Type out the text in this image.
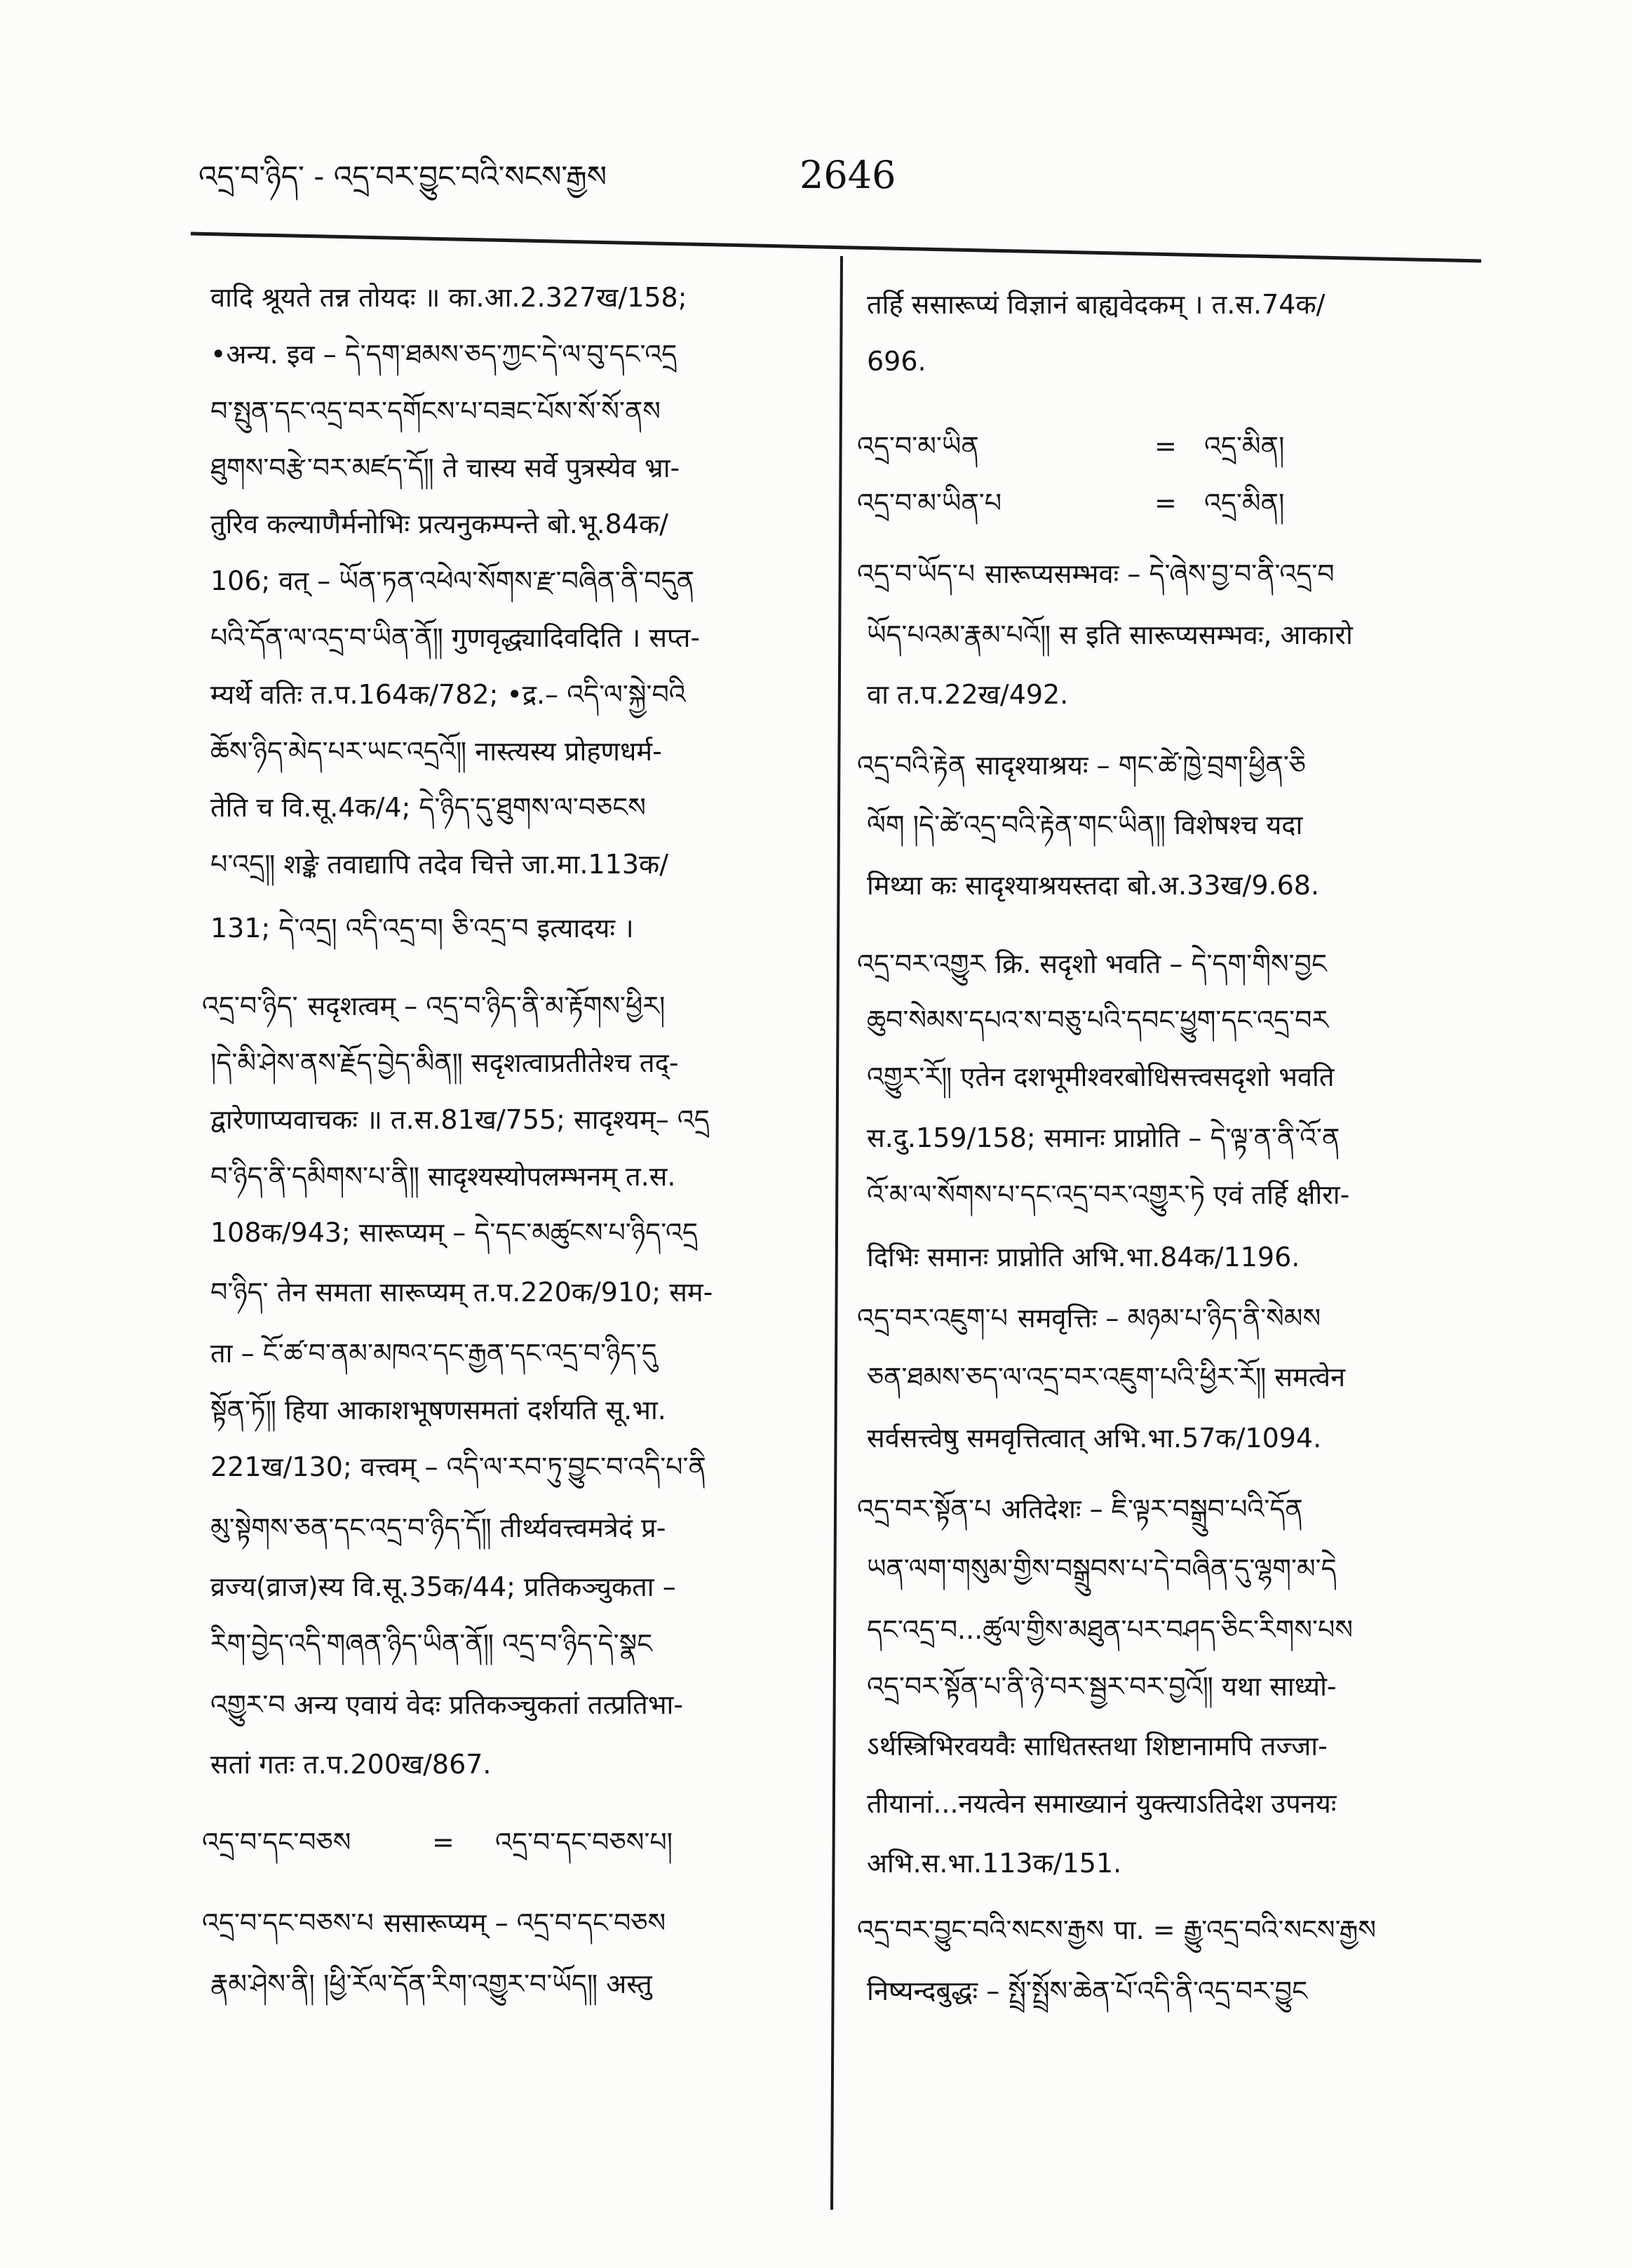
འདྲ་བ་ཉིད་ - འདྲ་བར་བྱུང་བའི་སངས་རྒྱས	2646
वादि श्रूयते तन्न तोयदः ॥ का.आ.2.327ख/158;
•अन्य. इव – དེ་དག་ཐམས་ཅད་ཀྱང་དེ་ལ་བུ་དང་འདྲ
བ་སྤུན་དང་འདྲ་བར་དགོངས་པ་བཟང་པོས་སོ་སོ་ནས
ཐུགས་བརྩེ་བར་མཛད་དོ༎ ते चास्य सर्वे पुत्रस्येव भ्रा-
तुरिव कल्याणैर्मनोभिः प्रत्यनुकम्पन्ते बो.भू.84क/
106; वत् – ཡོན་ཏན་འཕེལ་སོགས་རྫ་བཞིན་ནི་བདུན
པའི་དོན་ལ་འདྲ་བ་ཡིན་ནོ༎ गुणवृद्ध्यादिवदिति । सप्त-
म्यर्थे वतिः त.प.164क/782; •द्र.– འདི་ལ་སྐྱེ་བའི
ཆོས་ཉིད་མེད་པར་ཡང་འདྲའོ༎ नास्त्यस्य प्रोहणधर्म-
तेति च वि.सू.4क/4; དེ་ཉིད་དུ་ཐུགས་ལ་བཅངས
པ་འདྲ༎ शङ्के तवाद्यापि तदेव चित्ते जा.मा.113क/
131; དེ་འདྲ། འདི་འདྲ་བ། ཅི་འདྲ་བ इत्यादयः ।
འདྲ་བ་ཉིད་ सदृशत्वम् – འདྲ་བ་ཉིད་ནི་མ་རྟོགས་ཕྱིར།
།དེ་མི་ཤེས་ནས་རྗོད་བྱེད་མིན༎ सदृशत्वाप्रतीतेश्च तद्-
द्वारेणाप्यवाचकः ॥ त.स.81ख/755; सादृश्यम्– འདྲ
བ་ཉིད་ནི་དམིགས་པ་ནི༎ सादृश्यस्योपलम्भनम् त.स.
108क/943; सारूप्यम् – དེ་དང་མཚུངས་པ་ཉིད་འདྲ
བ་ཉིད་ तेन समता सारूप्यम् त.प.220क/910; सम-
ता – ངོ་ཚ་བ་ནམ་མཁའ་དང་རྒྱན་དང་འདྲ་བ་ཉིད་དུ
སྟོན་ཏོ༎ हिया आकाशभूषणसमतां दर्शयति सू.भा.
221ख/130; वत्त्वम् – འདི་ལ་རབ་ཏུ་བྱུང་བ་འདི་པ་ནི
མུ་སྟེགས་ཅན་དང་འདྲ་བ་ཉིད་དོ༎ तीर्थ्यवत्त्वमत्रेदं प्र-
व्रज्य(व्राज)स्य वि.सू.35क/44; प्रतिकञ्चुकता –
རིག་བྱེད་འདི་གཞན་ཉིད་ཡིན་ནོ༎ འདྲ་བ་ཉིད་དེ་སྣང
འགྱུར་བ अन्य एवायं वेदः प्रतिकञ्चुकतां तत्प्रतिभा-
सतां गतः त.प.200ख/867.
འདྲ་བ་དང་བཅས	= འདྲ་བ་དང་བཅས་པ།
འདྲ་བ་དང་བཅས་པ ससारूप्यम् – འདྲ་བ་དང་བཅས
རྣམ་ཤེས་ནི། །ཕྱི་རོལ་དོན་རིག་འགྱུར་བ་ཡོད༎ अस्तु
तर्हि ससारूप्यं विज्ञानं बाह्यवेदकम् । त.स.74क/
696.
འདྲ་བ་མ་ཡིན	= འདྲ་མིན།
འདྲ་བ་མ་ཡིན་པ	= འདྲ་མིན།
འདྲ་བ་ཡོད་པ सारूप्यसम्भवः – དེ་ཞེས་བྱ་བ་ནི་འདྲ་བ
ཡོད་པའམ་རྣམ་པའོ༎ स इति सारूप्यसम्भवः, आकारो
वा त.प.22ख/492.
འདྲ་བའི་རྟེན सादृश्याश्रयः – གང་ཚེ་ཁྱེ་བྲག་ཕྱིན་ཅི
ལོག །དེ་ཚེ་འདྲ་བའི་རྟེན་གང་ཡིན༎ विशेषश्च यदा
मिथ्या कः सादृश्याश्रयस्तदा बो.अ.33ख/9.68.
འདྲ་བར་འགྱུར क्रि. सदृशो भवति – དེ་དག་གིས་བྱང
ཆུབ་སེམས་དཔའ་ས་བཅུ་པའི་དབང་ཕྱུག་དང་འདྲ་བར
འགྱུར་རོ༎ एतेन दशभूमीश्वरबोधिसत्त्वसदृशो भवति
स.दु.159/158; समानः प्राप्नोति – དེ་ལྟ་ན་ནི་འོ་ན
འོ་མ་ལ་སོགས་པ་དང་འདྲ་བར་འགྱུར་ཏེ एवं तर्हि क्षीरा-
दिभिः समानः प्राप्नोति अभि.भा.84क/1196.
འདྲ་བར་འཇུག་པ समवृत्तिः – མཉམ་པ་ཉིད་ནི་སེམས
ཅན་ཐམས་ཅད་ལ་འདྲ་བར་འཇུག་པའི་ཕྱིར་རོ༎ समत्वेन
सर्वसत्त्वेषु समवृत्तित्वात् अभि.भा.57क/1094.
འདྲ་བར་སྟོན་པ अतिदेशः – ཇི་ལྟར་བསྒྲུབ་པའི་དོན
ཡན་ལག་གསུམ་གྱིས་བསྒྲུབས་པ་དེ་བཞིན་དུ་ལྷག་མ་དེ
དང་འདྲ་བ...ཚུལ་གྱིས་མཐུན་པར་བཤད་ཅིང་རིགས་པས
འདྲ་བར་སྟོན་པ་ནི་ཉེ་བར་སྦྱར་བར་བྱའོ༎ यथा साध्यो-
ऽर्थस्त्रिभिरवयवैः साधितस्तथा शिष्टानामपि तज्जा-
तीयानां...नयत्वेन समाख्यानं युक्त्याऽतिदेश उपनयः
अभि.स.भा.113क/151.
འདྲ་བར་བྱུང་བའི་སངས་རྒྱས पा. = རྒྱུ་འདྲ་བའི་སངས་རྒྱས
निष्यन्दबुद्धः – སྤྲོ་སྤྲོས་ཆེན་པོ་འདི་ནི་འདྲ་བར་བྱུང
